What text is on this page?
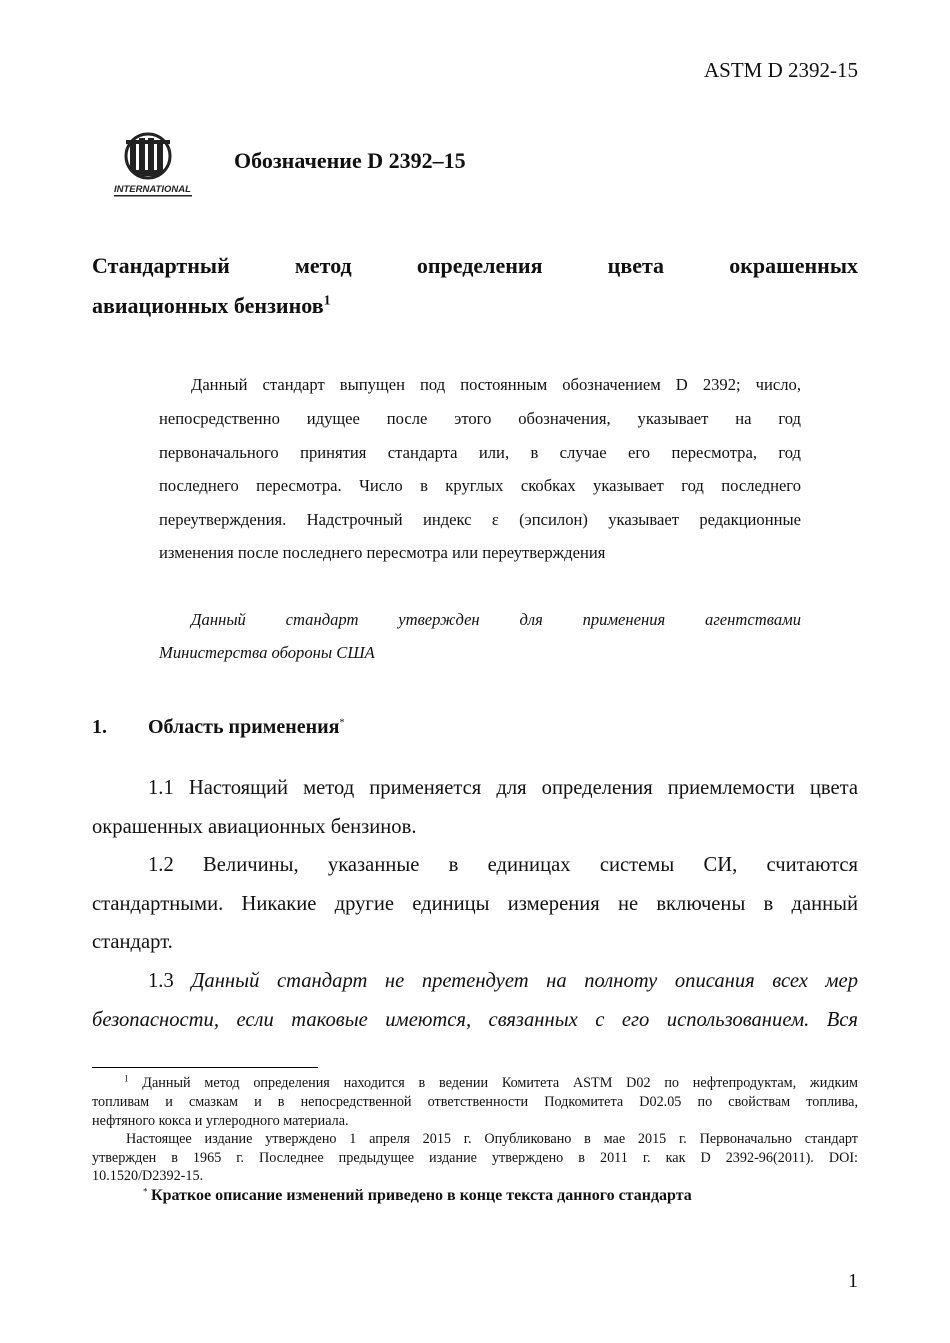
ASTM D 2392-15
INTERNATIONAL
Обозначение D 2392–15
Стандартный метод определения цвета окрашенных
авиационных бензинов$^1$
Данный стандарт выпущен под постоянным обозначением D 2392; число,
непосредственно идущее после этого обозначения, указывает на год
первоначального принятия стандарта или, в случае его пересмотра, год
последнего пересмотра. Число в круглых скобках указывает год последнего
переутверждения. Надстрочный индекс ε (эпсилон) указывает редакционные
изменения после последнего пересмотра или переутверждения
Данный стандарт утвержден для применения агентствами
Министерства обороны США
1. Область применения*
1.1 Настоящий метод применяется для определения приемлемости цвета
окрашенных авиационных бензинов.
1.2 Величины, указанные в единицах системы СИ, считаются
стандартными. Никакие другие единицы измерения не включены в данный
стандарт.
1.3 Данный стандарт не претендует на полноту описания всех мер
безопасности, если таковые имеются, связанных с его использованием. Вся
$^1$ Данный метод определения находится в ведении Комитета ASTM D02 по нефтепродуктам, жидким
топливам и смазкам и в непосредственной ответственности Подкомитета D02.05 по свойствам топлива,
нефтяного кокса и углеродного материала.
Настоящее издание утверждено 1 апреля 2015 г. Опубликовано в мае 2015 г. Первоначально стандарт
утвержден в 1965 г. Последнее предыдущее издание утверждено в 2011 г. как D 2392-96(2011). DOI:
10.1520/D2392-15.
* Краткое описание изменений приведено в конце текста данного стандарта
1
